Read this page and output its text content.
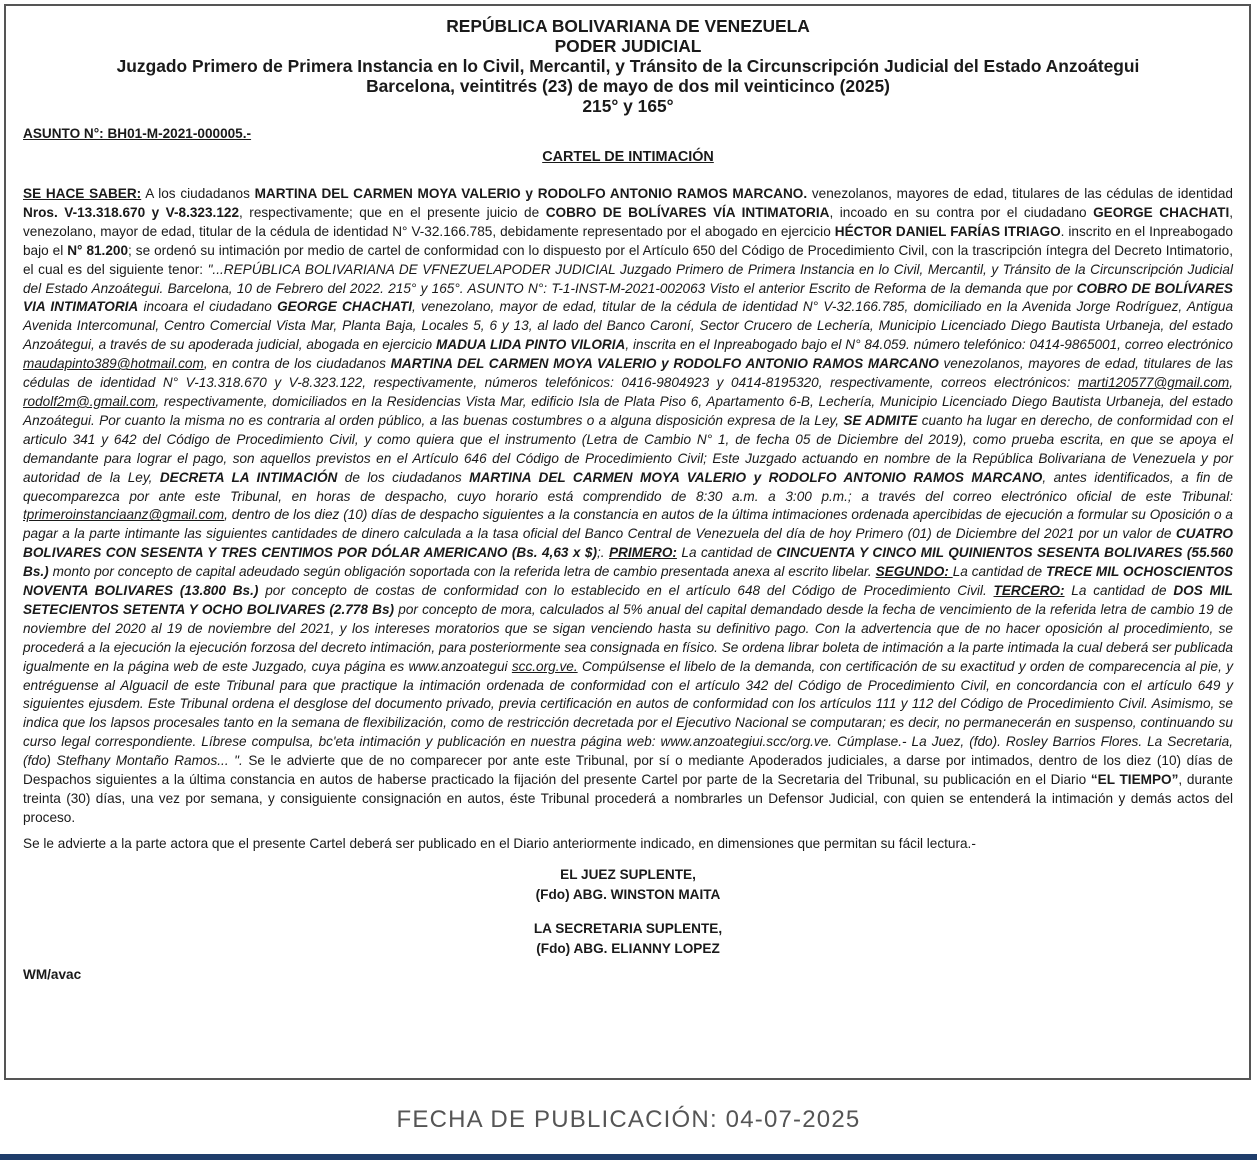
REPÚBLICA BOLIVARIANA DE VENEZUELA
PODER JUDICIAL
Juzgado Primero de Primera Instancia en lo Civil, Mercantil, y Tránsito de la Circunscripción Judicial del Estado Anzoátegui
Barcelona, veintitrés (23) de mayo de dos mil veinticinco (2025)
215° y 165°
ASUNTO N°: BH01-M-2021-000005.-
CARTEL DE INTIMACIÓN
SE HACE SABER: A los ciudadanos MARTINA DEL CARMEN MOYA VALERIO y RODOLFO ANTONIO RAMOS MARCANO. venezolanos, mayores de edad, titulares de las cédulas de identidad Nros. V-13.318.670 y V-8.323.122, respectivamente; que en el presente juicio de COBRO DE BOLÍVARES VÍA INTIMATORIA, incoado en su contra por el ciudadano GEORGE CHACHATI, venezolano, mayor de edad, titular de la cédula de identidad N° V-32.166.785, debidamente representado por el abogado en ejercicio HÉCTOR DANIEL FARÍAS ITRIAGO. inscrito en el Inpreabogado bajo el N° 81.200; se ordenó su intimación por medio de cartel de conformidad con lo dispuesto por el Artículo 650 del Código de Procedimiento Civil, con la trascripción íntegra del Decreto Intimatorio, el cual es del siguiente tenor: "...REPÚBLICA BOLIVARIANA DE VFNEZUELAPODER JUDICIAL Juzgado Primero de Primera Instancia en lo Civil, Mercantil, y Tránsito de la Circunscripción Judicial del Estado Anzoátegui. Barcelona, 10 de Febrero del 2022. 215° y 165°. ASUNTO N°: T-1-INST-M-2021-002063 Visto el anterior Escrito de Reforma de la demanda que por COBRO DE BOLÍVARES VIA INTIMATORIA incoara el ciudadano GEORGE CHACHATI, venezolano, mayor de edad, titular de la cédula de identidad N° V-32.166.785, domiciliado en la Avenida Jorge Rodríguez, Antigua Avenida Intercomunal, Centro Comercial Vista Mar, Planta Baja, Locales 5, 6 y 13, al lado del Banco Caroní, Sector Crucero de Lechería, Municipio Licenciado Diego Bautista Urbaneja, del estado Anzoátegui, a través de su apoderada judicial, abogada en ejercicio MADUA LIDA PINTO VILORIA, inscrita en el Inpreabogado bajo el N° 84.059. número telefónico: 0414-9865001, correo electrónico maudapinto389@hotmail.com, en contra de los ciudadanos MARTINA DEL CARMEN MOYA VALERIO y RODOLFO ANTONIO RAMOS MARCANO venezolanos, mayores de edad, titulares de las cédulas de identidad N° V-13.318.670 y V-8.323.122, respectivamente, números telefónicos: 0416-9804923 y 0414-8195320, respectivamente, correos electrónicos: marti120577@gmail.com, rodolf2m@.gmail.com, respectivamente, domiciliados en la Residencias Vista Mar, edificio Isla de Plata Piso 6, Apartamento 6-B, Lechería, Municipio Licenciado Diego Bautista Urbaneja, del estado Anzoátegui. Por cuanto la misma no es contraria al orden público, a las buenas costumbres o a alguna disposición expresa de la Ley, SE ADMITE cuanto ha lugar en derecho, de conformidad con el articulo 341 y 642 del Código de Procedimiento Civil, y como quiera que el instrumento (Letra de Cambio N° 1, de fecha 05 de Diciembre del 2019), como prueba escrita, en que se apoya el demandante para lograr el pago, son aquellos previstos en el Artículo 646 del Código de Procedimiento Civil; Este Juzgado actuando en nombre de la República Bolivariana de Venezuela y por autoridad de la Ley, DECRETA LA INTIMACIÓN de los ciudadanos MARTINA DEL CARMEN MOYA VALERIO y RODOLFO ANTONIO RAMOS MARCANO, antes identificados, a fin de quecomparezca por ante este Tribunal, en horas de despacho, cuyo horario está comprendido de 8:30 a.m. a 3:00 p.m.; a través del correo electrónico oficial de este Tribunal: tprimeroinstanciaanz@gmail.com, dentro de los diez (10) días de despacho siguientes a la constancia en autos de la última intimaciones ordenada apercibidas de ejecución a formular su Oposición o a pagar a la parte intimante las siguientes cantidades de dinero calculada a la tasa oficial del Banco Central de Venezuela del día de hoy Primero (01) de Diciembre del 2021 por un valor de CUATRO BOLIVARES CON SESENTA Y TRES CENTIMOS POR DÓLAR AMERICANO (Bs. 4,63 x $);. PRIMERO: La cantidad de CINCUENTA Y CINCO MIL QUINIENTOS SESENTA BOLIVARES (55.560 Bs.) monto por concepto de capital adeudado según obligación soportada con la referida letra de cambio presentada anexa al escrito libelar. SEGUNDO: La cantidad de TRECE MIL OCHOSCIENTOS NOVENTA BOLIVARES (13.800 Bs.) por concepto de costas de conformidad con lo establecido en el artículo 648 del Código de Procedimiento Civil. TERCERO: La cantidad de DOS MIL SETECIENTOS SETENTA Y OCHO BOLIVARES (2.778 Bs) por concepto de mora, calculados al 5% anual del capital demandado desde la fecha de vencimiento de la referida letra de cambio 19 de noviembre del 2020 al 19 de noviembre del 2021, y los intereses moratorios que se sigan venciendo hasta su definitivo pago. Con la advertencia que de no hacer oposición al procedimiento, se procederá a la ejecución la ejecución forzosa del decreto intimación, para posteriormente sea consignada en físico. Se ordena librar boleta de intimación a la parte intimada la cual deberá ser publicada igualmente en la página web de este Juzgado, cuya página es www.anzoategui scc.org.ve. Compúlsense el libelo de la demanda, con certificación de su exactitud y orden de comparecencia al pie, y entréguense al Alguacil de este Tribunal para que practique la intimación ordenada de conformidad con el artículo 342 del Código de Procedimiento Civil, en concordancia con el artículo 649 y siguientes ejusdem. Este Tribunal ordena el desglose del documento privado, previa certificación en autos de conformidad con los artículos 111 y 112 del Código de Procedimiento Civil. Asimismo, se indica que los lapsos procesales tanto en la semana de flexibilización, como de restricción decretada por el Ejecutivo Nacional se computaran; es decir, no permanecerán en suspenso, continuando su curso legal correspondiente. Líbrese compulsa, bc'eta intimación y publicación en nuestra página web: www.anzoategiui.scc/org.ve. Cúmplase.- La Juez, (fdo). Rosley Barrios Flores. La Secretaria, (fdo) Stefhany Montaño Ramos... ". Se le advierte que de no comparecer por ante este Tribunal, por sí o mediante Apoderados judiciales, a darse por intimados, dentro de los diez (10) días de Despachos siguientes a la última constancia en autos de haberse practicado la fijación del presente Cartel por parte de la Secretaria del Tribunal, su publicación en el Diario “EL TIEMPO”, durante treinta (30) días, una vez por semana, y consiguiente consignación en autos, éste Tribunal procederá a nombrarles un Defensor Judicial, con quien se entenderá la intimación y demás actos del proceso.
Se le advierte a la parte actora que el presente Cartel deberá ser publicado en el Diario anteriormente indicado, en dimensiones que permitan su fácil lectura.-
EL JUEZ SUPLENTE,
(Fdo) ABG. WINSTON MAITA
LA SECRETARIA SUPLENTE,
(Fdo) ABG. ELIANNY LOPEZ
WM/avac
FECHA DE PUBLICACIÓN: 04-07-2025
